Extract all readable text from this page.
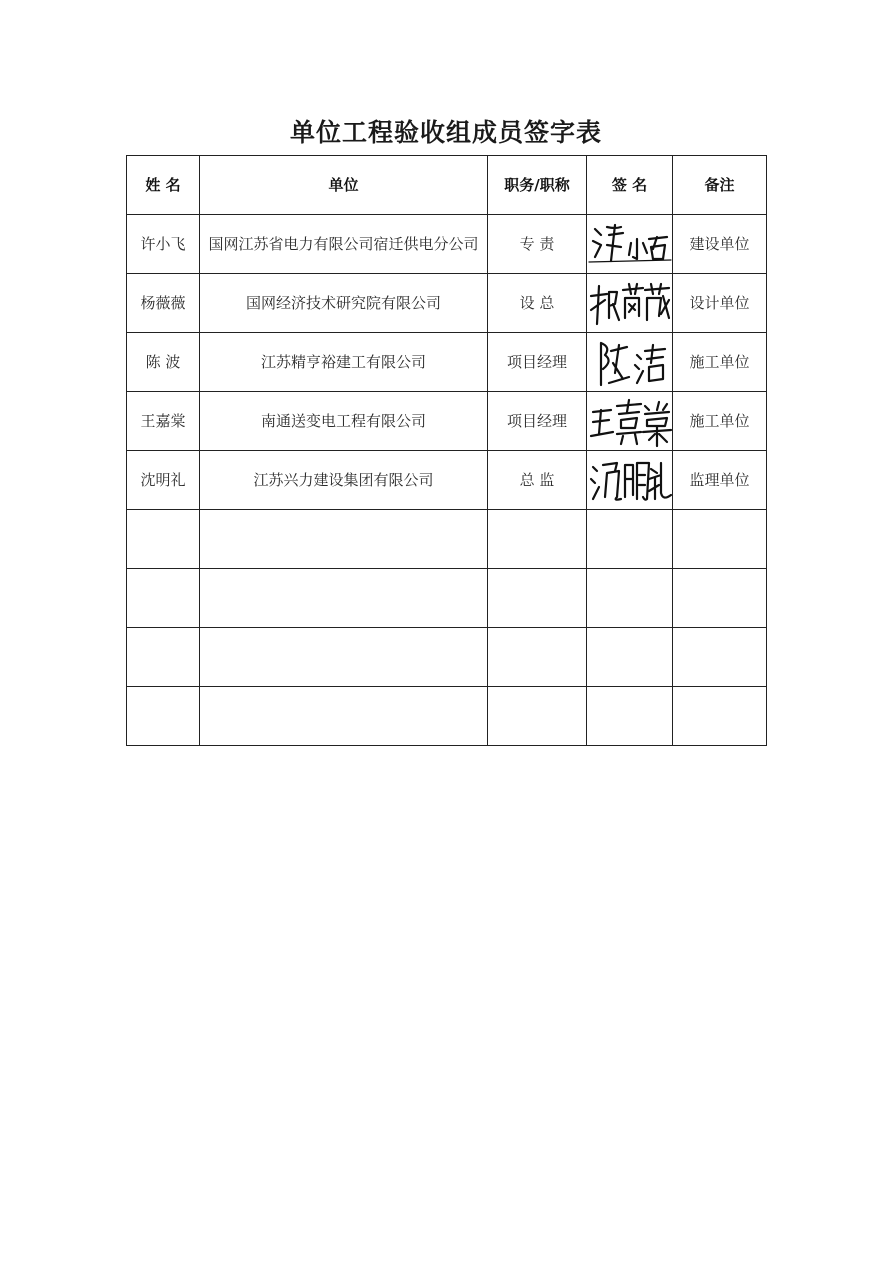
单位工程验收组成员签字表
姓 名	单位	职务/职称	签 名	备注
许小飞	国网江苏省电力有限公司宿迁供电分公司	专 责		建设单位
杨薇薇	国网经济技术研究院有限公司	设 总		设计单位
陈 波	江苏精亨裕建工有限公司	项目经理		施工单位
王嘉棠	南通送变电工程有限公司	项目经理		施工单位
沈明礼	江苏兴力建设集团有限公司	总 监		监理单位
